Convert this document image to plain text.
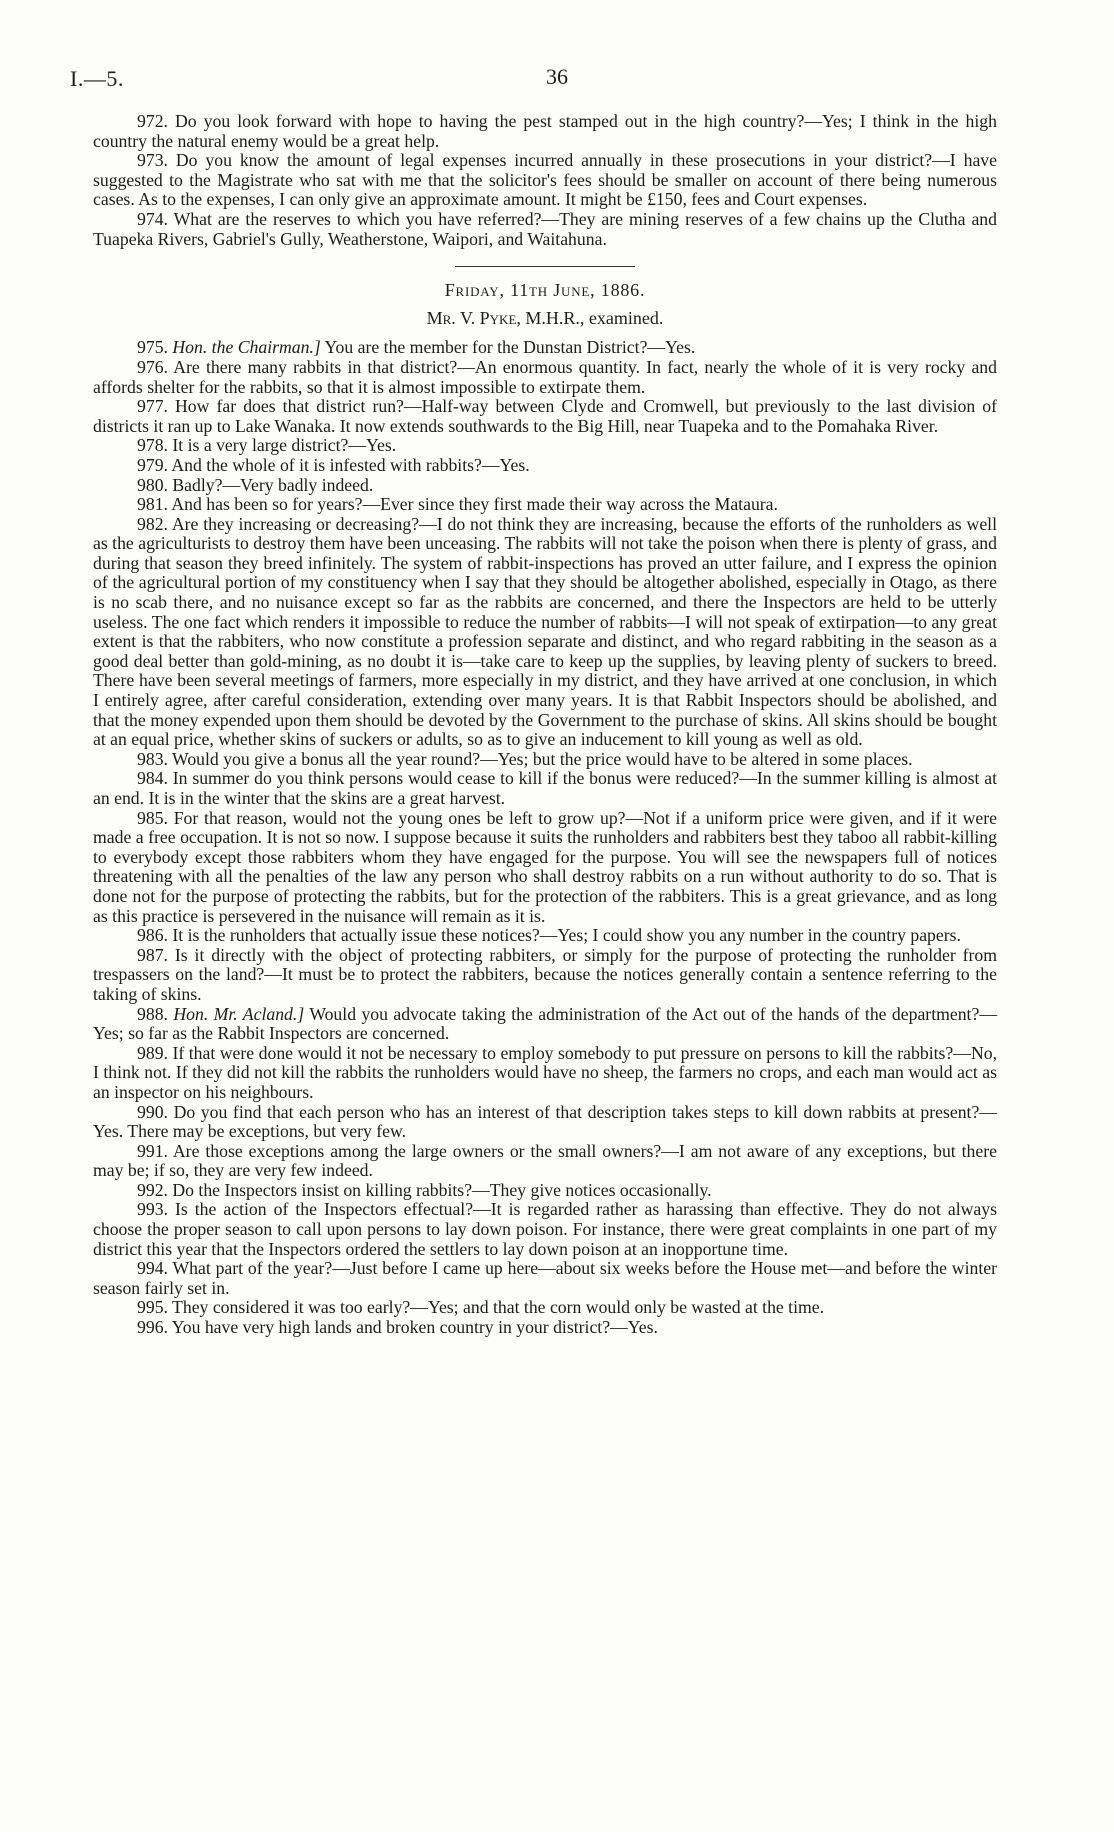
I.—5.	36

972. Do you look forward with hope to having the pest stamped out in the high country?—Yes; I think in the high country the natural enemy would be a great help.

973. Do you know the amount of legal expenses incurred annually in these prosecutions in your district?—I have suggested to the Magistrate who sat with me that the solicitor's fees should be smaller on account of there being numerous cases. As to the expenses, I can only give an approximate amount. It might be £150, fees and Court expenses.

974. What are the reserves to which you have referred?—They are mining reserves of a few chains up the Clutha and Tuapeka Rivers, Gabriel's Gully, Weatherstone, Waipori, and Waitahuna.

Friday, 11th June, 1886.
Mr. V. Pyke, M.H.R., examined.

975. Hon. the Chairman.] You are the member for the Dunstan District?—Yes.

976. Are there many rabbits in that district?—An enormous quantity. In fact, nearly the whole of it is very rocky and affords shelter for the rabbits, so that it is almost impossible to extirpate them.

977. How far does that district run?—Half-way between Clyde and Cromwell, but previously to the last division of districts it ran up to Lake Wanaka. It now extends southwards to the Big Hill, near Tuapeka and to the Pomahaka River.

978. It is a very large district?—Yes.

979. And the whole of it is infested with rabbits?—Yes.

980. Badly?—Very badly indeed.

981. And has been so for years?—Ever since they first made their way across the Mataura.

982. Are they increasing or decreasing?—I do not think they are increasing, because the efforts of the runholders as well as the agriculturists to destroy them have been unceasing. The rabbits will not take the poison when there is plenty of grass, and during that season they breed infinitely. The system of rabbit-inspections has proved an utter failure, and I express the opinion of the agricultural portion of my constituency when I say that they should be altogether abolished, especially in Otago, as there is no scab there, and no nuisance except so far as the rabbits are concerned, and there the Inspectors are held to be utterly useless. The one fact which renders it impossible to reduce the number of rabbits—I will not speak of extirpation—to any great extent is that the rabbiters, who now constitute a profession separate and distinct, and who regard rabbiting in the season as a good deal better than gold-mining, as no doubt it is—take care to keep up the supplies, by leaving plenty of suckers to breed. There have been several meetings of farmers, more especially in my district, and they have arrived at one conclusion, in which I entirely agree, after careful consideration, extending over many years. It is that Rabbit Inspectors should be abolished, and that the money expended upon them should be devoted by the Government to the purchase of skins. All skins should be bought at an equal price, whether skins of suckers or adults, so as to give an inducement to kill young as well as old.

983. Would you give a bonus all the year round?—Yes; but the price would have to be altered in some places.

984. In summer do you think persons would cease to kill if the bonus were reduced?—In the summer killing is almost at an end. It is in the winter that the skins are a great harvest.

985. For that reason, would not the young ones be left to grow up?—Not if a uniform price were given, and if it were made a free occupation. It is not so now. I suppose because it suits the runholders and rabbiters best they taboo all rabbit-killing to everybody except those rabbiters whom they have engaged for the purpose. You will see the newspapers full of notices threatening with all the penalties of the law any person who shall destroy rabbits on a run without authority to do so. That is done not for the purpose of protecting the rabbits, but for the protection of the rabbiters. This is a great grievance, and as long as this practice is persevered in the nuisance will remain as it is.

986. It is the runholders that actually issue these notices?—Yes; I could show you any number in the country papers.

987. Is it directly with the object of protecting rabbiters, or simply for the purpose of protecting the runholder from trespassers on the land?—It must be to protect the rabbiters, because the notices generally contain a sentence referring to the taking of skins.

988. Hon. Mr. Acland.] Would you advocate taking the administration of the Act out of the hands of the department?—Yes; so far as the Rabbit Inspectors are concerned.

989. If that were done would it not be necessary to employ somebody to put pressure on persons to kill the rabbits?—No, I think not. If they did not kill the rabbits the runholders would have no sheep, the farmers no crops, and each man would act as an inspector on his neighbours.

990. Do you find that each person who has an interest of that description takes steps to kill down rabbits at present?—Yes. There may be exceptions, but very few.

991. Are those exceptions among the large owners or the small owners?—I am not aware of any exceptions, but there may be; if so, they are very few indeed.

992. Do the Inspectors insist on killing rabbits?—They give notices occasionally.

993. Is the action of the Inspectors effectual?—It is regarded rather as harassing than effective. They do not always choose the proper season to call upon persons to lay down poison. For instance, there were great complaints in one part of my district this year that the Inspectors ordered the settlers to lay down poison at an inopportune time.

994. What part of the year?—Just before I came up here—about six weeks before the House met—and before the winter season fairly set in.

995. They considered it was too early?—Yes; and that the corn would only be wasted at the time.

996. You have very high lands and broken country in your district?—Yes.
